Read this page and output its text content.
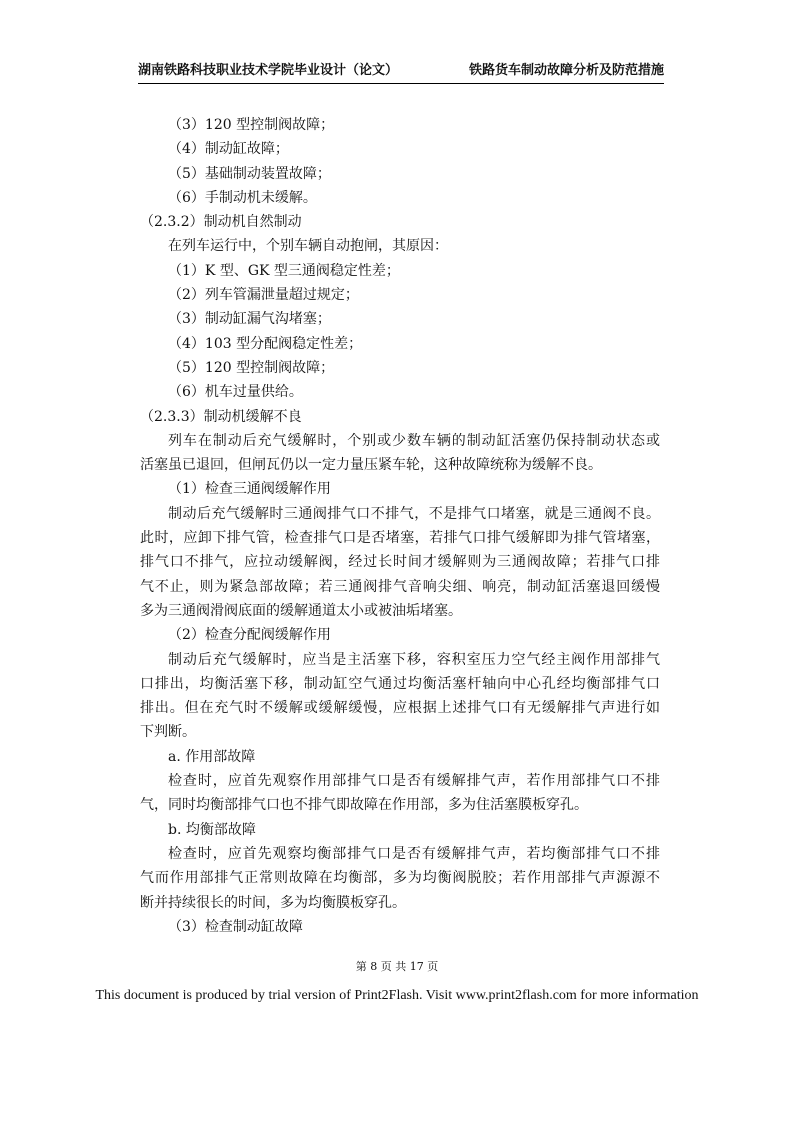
湖南铁路科技职业技术学院毕业设计（论文）	铁路货车制动故障分析及防范措施
（3）120 型控制阀故障；
（4）制动缸故障；
（5）基础制动装置故障；
（6）手制动机未缓解。
（2.3.2）制动机自然制动
在列车运行中，个别车辆自动抱闸，其原因：
（1）K 型、GK 型三通阀稳定性差；
（2）列车管漏泄量超过规定；
（3）制动缸漏气沟堵塞；
（4）103 型分配阀稳定性差；
（5）120 型控制阀故障；
（6）机车过量供给。
（2.3.3）制动机缓解不良
列车在制动后充气缓解时，个别或少数车辆的制动缸活塞仍保持制动状态或
活塞虽已退回，但闸瓦仍以一定力量压紧车轮，这种故障统称为缓解不良。
（1）检查三通阀缓解作用
制动后充气缓解时三通阀排气口不排气，不是排气口堵塞，就是三通阀不良。
此时，应卸下排气管，检查排气口是否堵塞，若排气口排气缓解即为排气管堵塞，
排气口不排气，应拉动缓解阀，经过长时间才缓解则为三通阀故障；若排气口排
气不止，则为紧急部故障；若三通阀排气音响尖细、响亮，制动缸活塞退回缓慢
多为三通阀滑阀底面的缓解通道太小或被油垢堵塞。
（2）检查分配阀缓解作用
制动后充气缓解时，应当是主活塞下移，容积室压力空气经主阀作用部排气
口排出，均衡活塞下移，制动缸空气通过均衡活塞杆轴向中心孔经均衡部排气口
排出。但在充气时不缓解或缓解缓慢，应根据上述排气口有无缓解排气声进行如
下判断。
a. 作用部故障
检查时，应首先观察作用部排气口是否有缓解排气声，若作用部排气口不排
气，同时均衡部排气口也不排气即故障在作用部，多为住活塞膜板穿孔。
b. 均衡部故障
检查时，应首先观察均衡部排气口是否有缓解排气声，若均衡部排气口不排
气而作用部排气正常则故障在均衡部，多为均衡阀脱胶；若作用部排气声源源不
断并持续很长的时间，多为均衡膜板穿孔。
（3）检查制动缸故障
第 8 页 共 17 页
This document is produced by trial version of Print2Flash. Visit www.print2flash.com for more information
